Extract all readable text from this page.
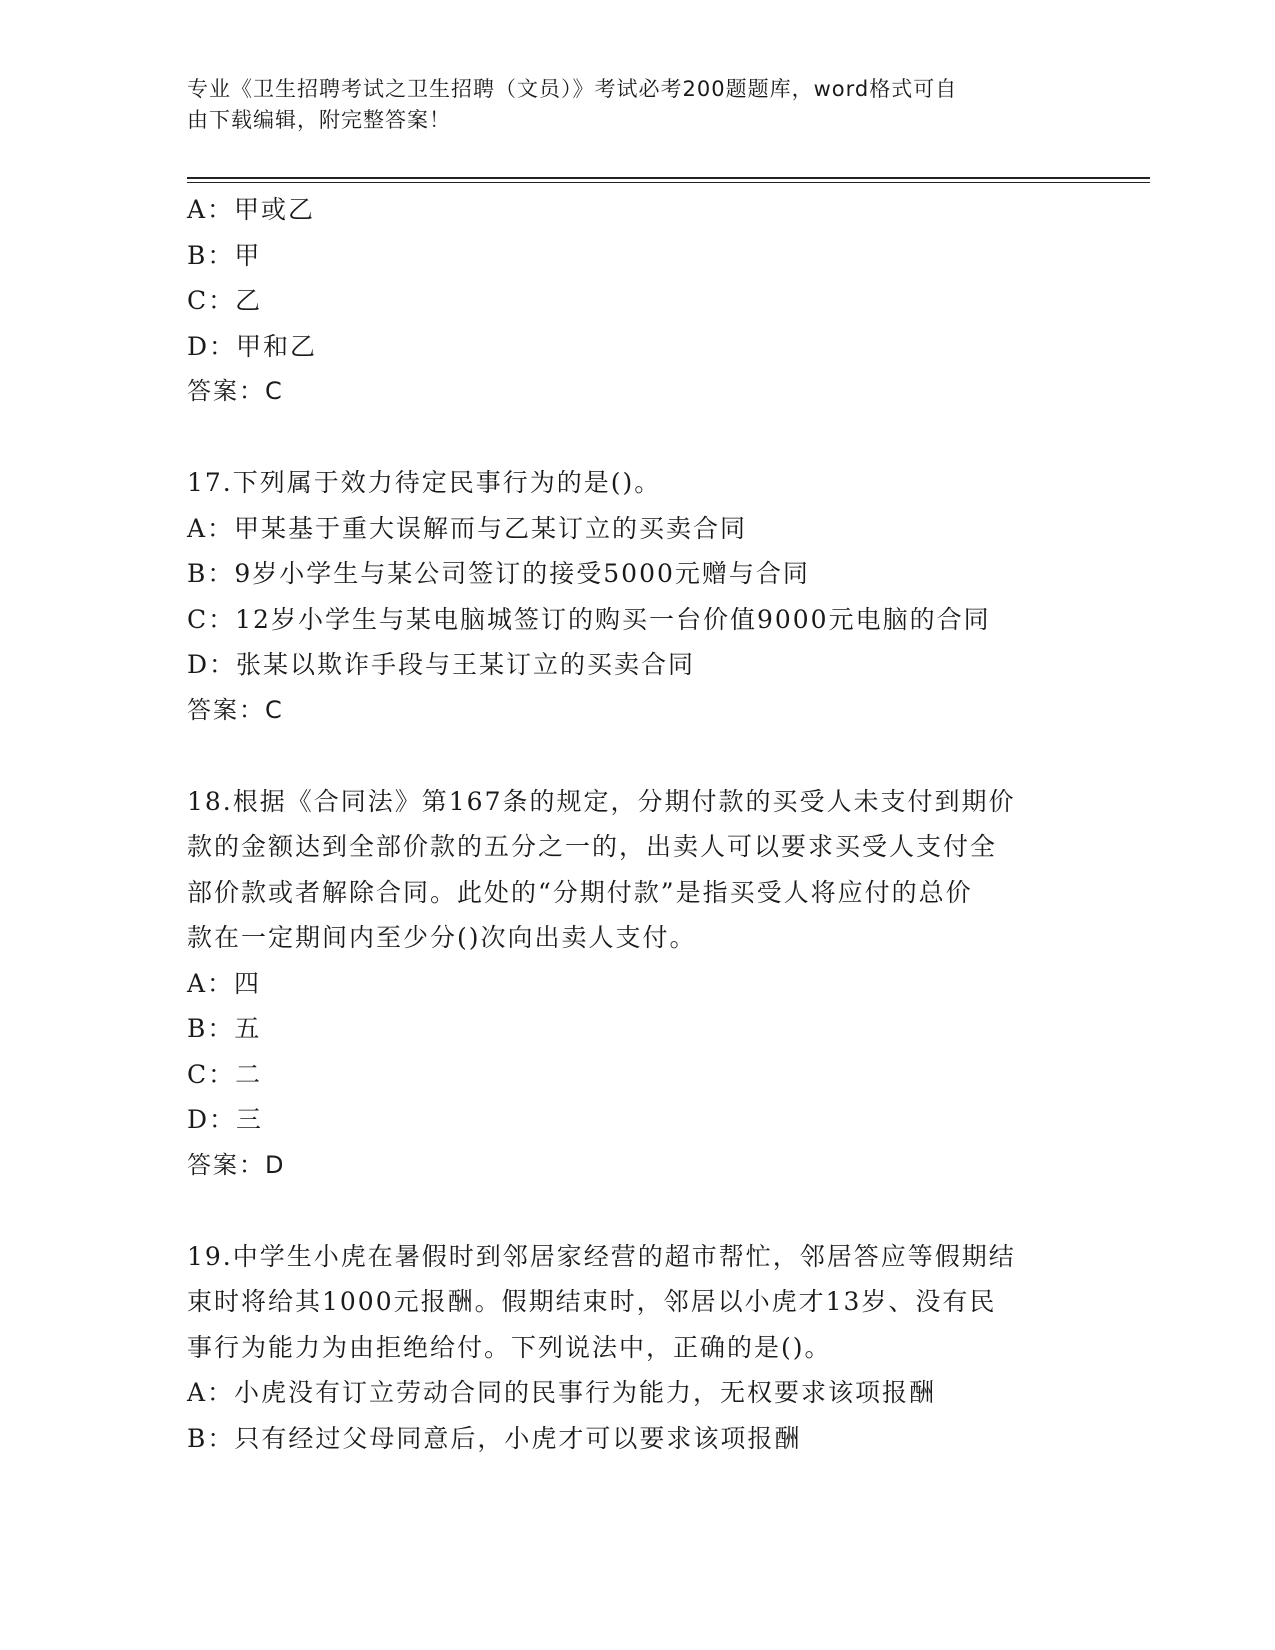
专业《卫生招聘考试之卫生招聘（文员）》考试必考200题题库，word格式可自
由下载编辑，附完整答案！
A：甲或乙
B：甲
C：乙
D：甲和乙
答案：C
17.下列属于效力待定民事行为的是()。
A：甲某基于重大误解而与乙某订立的买卖合同
B：9岁小学生与某公司签订的接受5000元赠与合同
C：12岁小学生与某电脑城签订的购买一台价值9000元电脑的合同
D：张某以欺诈手段与王某订立的买卖合同
答案：C
18.根据《合同法》第167条的规定，分期付款的买受人未支付到期价
款的金额达到全部价款的五分之一的，出卖人可以要求买受人支付全
部价款或者解除合同。此处的“分期付款”是指买受人将应付的总价
款在一定期间内至少分()次向出卖人支付。
A：四
B：五
C：二
D：三
答案：D
19.中学生小虎在暑假时到邻居家经营的超市帮忙，邻居答应等假期结
束时将给其1000元报酬。假期结束时，邻居以小虎才13岁、没有民
事行为能力为由拒绝给付。下列说法中，正确的是()。
A：小虎没有订立劳动合同的民事行为能力，无权要求该项报酬
B：只有经过父母同意后，小虎才可以要求该项报酬
